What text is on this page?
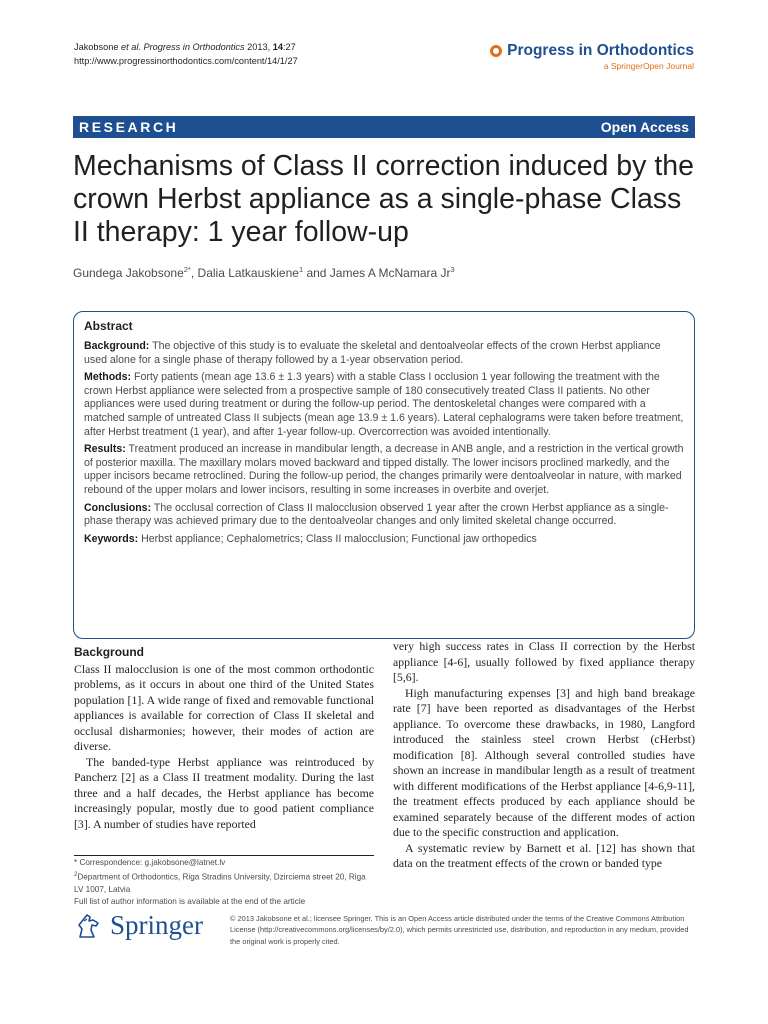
Jakobsone et al. Progress in Orthodontics 2013, 14:27
http://www.progressinorthodontics.com/content/14/1/27
Progress in Orthodontics
a SpringerOpen Journal
RESEARCH	Open Access
Mechanisms of Class II correction induced by the crown Herbst appliance as a single-phase Class II therapy: 1 year follow-up
Gundega Jakobsone$^{2*}$, Dalia Latkauskiene$^1$ and James A McNamara Jr$^3$
Abstract

Background: The objective of this study is to evaluate the skeletal and dentoalveolar effects of the crown Herbst appliance used alone for a single phase of therapy followed by a 1-year observation period.

Methods: Forty patients (mean age 13.6 ± 1.3 years) with a stable Class I occlusion 1 year following the treatment with the crown Herbst appliance were selected from a prospective sample of 180 consecutively treated Class II patients. No other appliances were used during treatment or during the follow-up period. The dentoskeletal changes were compared with a matched sample of untreated Class II subjects (mean age 13.9 ± 1.6 years). Lateral cephalograms were taken before treatment, after Herbst treatment (1 year), and after 1-year follow-up. Overcorrection was avoided intentionally.

Results: Treatment produced an increase in mandibular length, a decrease in ANB angle, and a restriction in the vertical growth of posterior maxilla. The maxillary molars moved backward and tipped distally. The lower incisors proclined markedly, and the upper incisors became retroclined. During the follow-up period, the changes primarily were dentoalveolar in nature, with marked rebound of the upper molars and lower incisors, resulting in some increases in overbite and overjet.

Conclusions: The occlusal correction of Class II malocclusion observed 1 year after the crown Herbst appliance as a single-phase therapy was achieved primary due to the dentoalveolar changes and only limited skeletal change occurred.

Keywords: Herbst appliance; Cephalometrics; Class II malocclusion; Functional jaw orthopedics

Background

Class II malocclusion is one of the most common orthodontic problems, as it occurs in about one third of the United States population [1]. A wide range of fixed and removable functional appliances is available for correction of Class II skeletal and occlusal disharmonies; however, their modes of action are diverse.

The banded-type Herbst appliance was reintroduced by Pancherz [2] as a Class II treatment modality. During the last three and a half decades, the Herbst appliance has become increasingly popular, mostly due to good patient compliance [3]. A number of studies have reported

very high success rates in Class II correction by the Herbst appliance [4-6], usually followed by fixed appliance therapy [5,6].

High manufacturing expenses [3] and high band breakage rate [7] have been reported as disadvantages of the Herbst appliance. To overcome these drawbacks, in 1980, Langford introduced the stainless steel crown Herbst (cHerbst) modification [8]. Although several controlled studies have shown an increase in mandibular length as a result of treatment with different modifications of the Herbst appliance [4-6,9-11], the treatment effects produced by each appliance should be examined separately because of the different modes of action due to the specific construction and application.

A systematic review by Barnett et al. [12] has shown that data on the treatment effects of the crown or banded type

* Correspondence: g.jakobsone@latnet.lv
$^2$Department of Orthodontics, Riga Stradins University, Dzirciema street 20, Riga LV 1007, Latvia
Full list of author information is available at the end of the article
Springer	© 2013 Jakobsone et al.; licensee Springer. This is an Open Access article distributed under the terms of the Creative Commons Attribution License (http://creativecommons.org/licenses/by/2.0), which permits unrestricted use, distribution, and reproduction in any medium, provided the original work is properly cited.
